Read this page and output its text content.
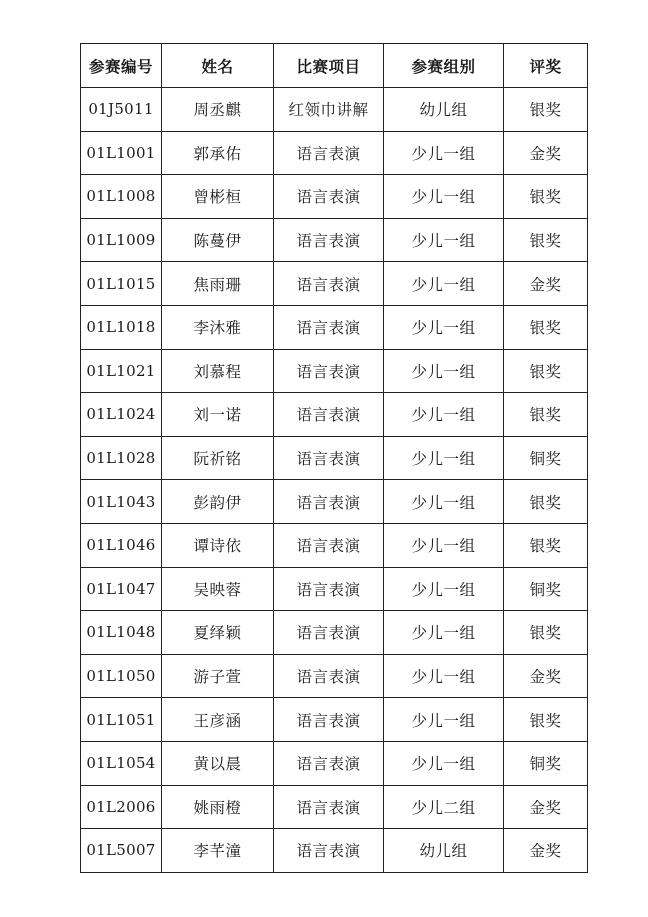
参赛编号	姓名	比赛项目	参赛组别	评奖
01J5011	周丞麒	红领巾讲解	幼儿组	银奖
01L1001	郭承佑	语言表演	少儿一组	金奖
01L1008	曾彬桓	语言表演	少儿一组	银奖
01L1009	陈蔓伊	语言表演	少儿一组	银奖
01L1015	焦雨珊	语言表演	少儿一组	金奖
01L1018	李沐雅	语言表演	少儿一组	银奖
01L1021	刘慕程	语言表演	少儿一组	银奖
01L1024	刘一诺	语言表演	少儿一组	银奖
01L1028	阮祈铭	语言表演	少儿一组	铜奖
01L1043	彭韵伊	语言表演	少儿一组	银奖
01L1046	谭诗依	语言表演	少儿一组	银奖
01L1047	吴映蓉	语言表演	少儿一组	铜奖
01L1048	夏绎颖	语言表演	少儿一组	银奖
01L1050	游子萱	语言表演	少儿一组	金奖
01L1051	王彦涵	语言表演	少儿一组	银奖
01L1054	黄以晨	语言表演	少儿一组	铜奖
01L2006	姚雨橙	语言表演	少儿二组	金奖
01L5007	李芊潼	语言表演	幼儿组	金奖
